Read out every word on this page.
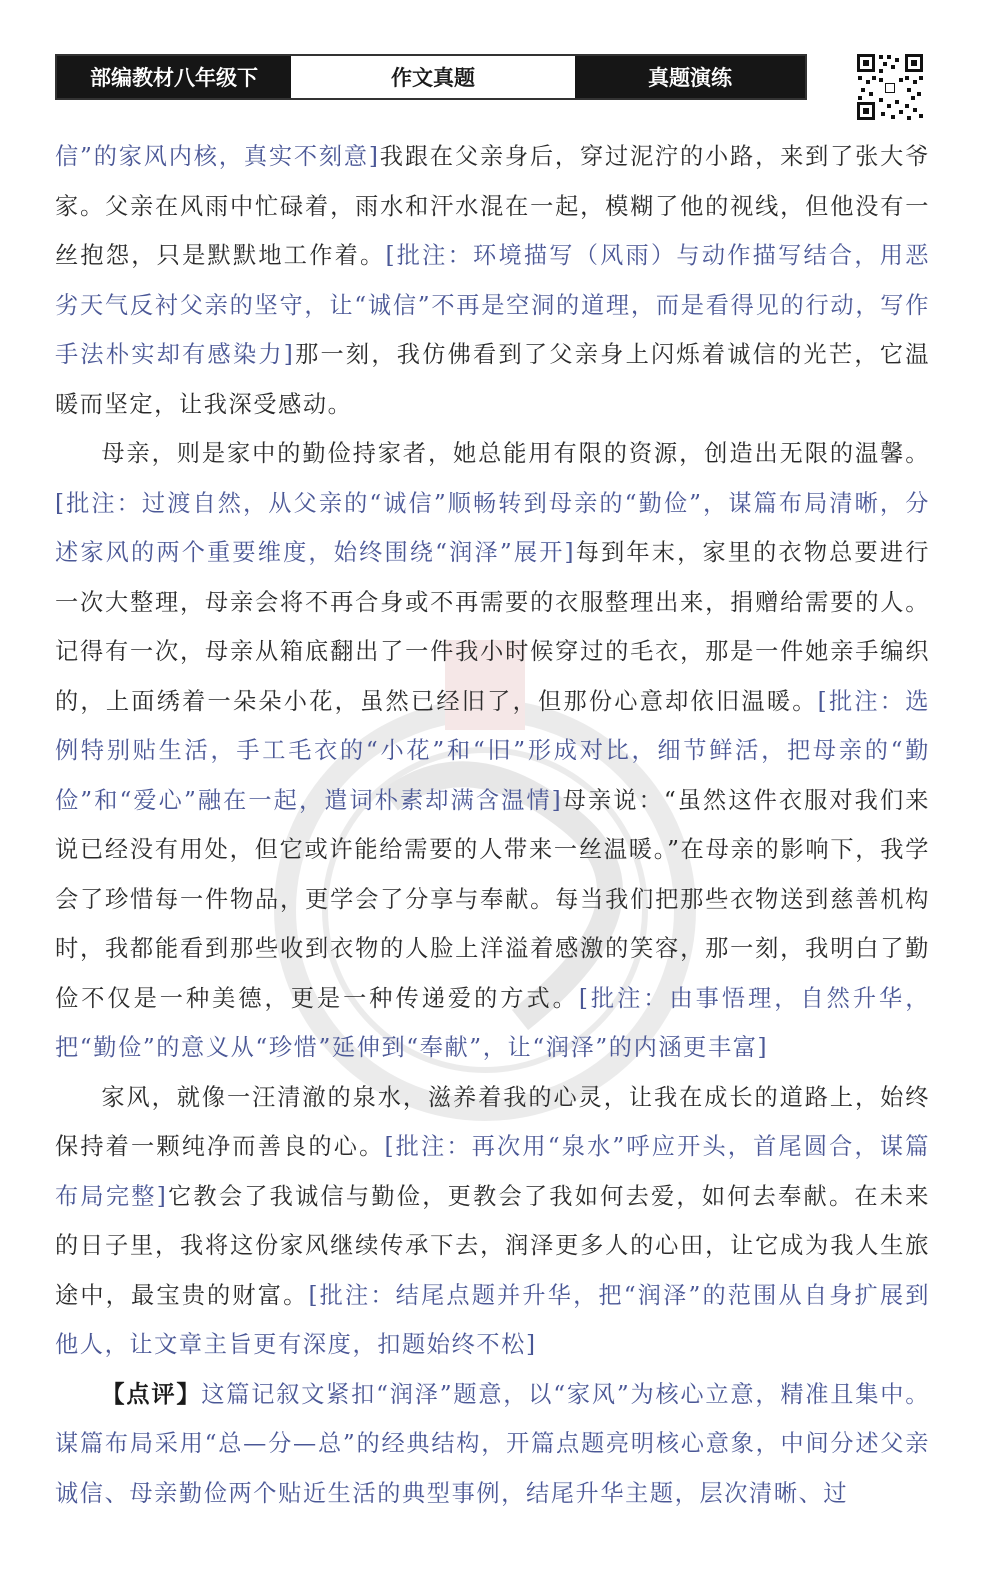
部编教材八年级下	作文真题	真题演练

信”的家风内核，真实不刻意]我跟在父亲身后，穿过泥泞的小路，来到了张大爷家。父亲在风雨中忙碌着，雨水和汗水混在一起，模糊了他的视线，但他没有一丝抱怨，只是默默地工作着。[批注：环境描写（风雨）与动作描写结合，用恶劣天气反衬父亲的坚守，让“诚信”不再是空洞的道理，而是看得见的行动，写作手法朴实却有感染力]那一刻，我仿佛看到了父亲身上闪烁着诚信的光芒，它温暖而坚定，让我深受感动。

母亲，则是家中的勤俭持家者，她总能用有限的资源，创造出无限的温馨。[批注：过渡自然，从父亲的“诚信”顺畅转到母亲的“勤俭”，谋篇布局清晰，分述家风的两个重要维度，始终围绕“润泽”展开]每到年末，家里的衣物总要进行一次大整理，母亲会将不再合身或不再需要的衣服整理出来，捐赠给需要的人。记得有一次，母亲从箱底翻出了一件我小时候穿过的毛衣，那是一件她亲手编织的，上面绣着一朵朵小花，虽然已经旧了，但那份心意却依旧温暖。[批注：选例特别贴生活，手工毛衣的“小花”和“旧”形成对比，细节鲜活，把母亲的“勤俭”和“爱心”融在一起，遣词朴素却满含温情]母亲说：“虽然这件衣服对我们来说已经没有用处，但它或许能给需要的人带来一丝温暖。”在母亲的影响下，我学会了珍惜每一件物品，更学会了分享与奉献。每当我们把那些衣物送到慈善机构时，我都能看到那些收到衣物的人脸上洋溢着感激的笑容，那一刻，我明白了勤俭不仅是一种美德，更是一种传递爱的方式。[批注：由事悟理，自然升华，把“勤俭”的意义从“珍惜”延伸到“奉献”，让“润泽”的内涵更丰富]

家风，就像一汪清澈的泉水，滋养着我的心灵，让我在成长的道路上，始终保持着一颗纯净而善良的心。[批注：再次用“泉水”呼应开头，首尾圆合，谋篇布局完整]它教会了我诚信与勤俭，更教会了我如何去爱，如何去奉献。在未来的日子里，我将这份家风继续传承下去，润泽更多人的心田，让它成为我人生旅途中，最宝贵的财富。[批注：结尾点题并升华，把“润泽”的范围从自身扩展到他人，让文章主旨更有深度，扣题始终不松]

【点评】这篇记叙文紧扣“润泽”题意，以“家风”为核心立意，精准且集中。谋篇布局采用“总—分—总”的经典结构，开篇点题亮明核心意象，中间分述父亲诚信、母亲勤俭两个贴近生活的典型事例，结尾升华主题，层次清晰、过
